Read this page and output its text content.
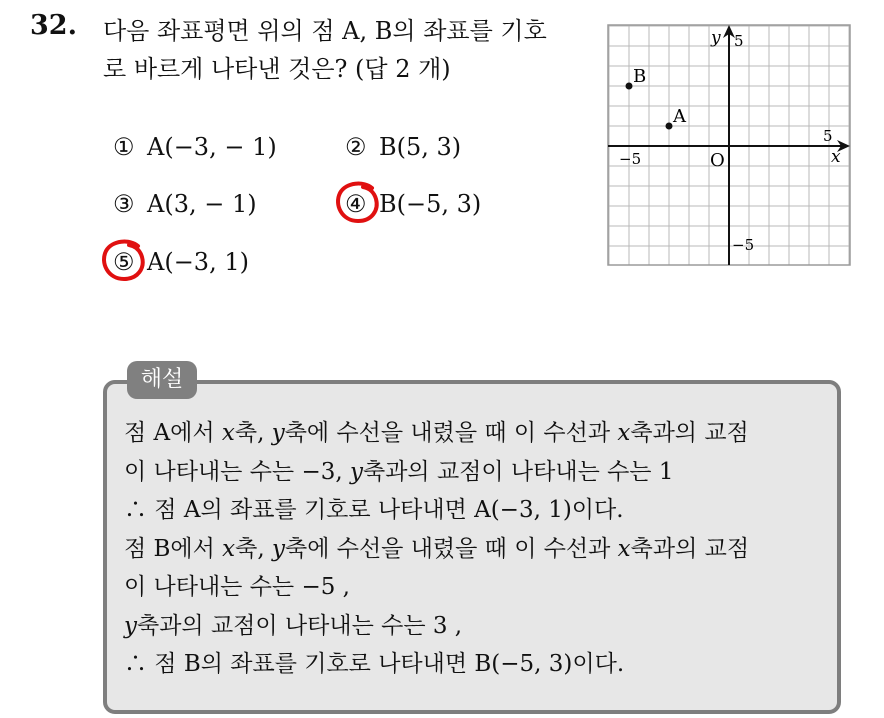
32. 다음 좌표평면 위의 점 A, B의 좌표를 기호
로 바르게 나타낸 것은? (답 2 개)
① A(−3, − 1)	② B(5, 3)
③ A(3, − 1)	④ B(−5, 3)
⑤ A(−3, 1)
x
y
O
5
−5
5
−5
A
B
해설
점 A에서 𝑥축, 𝑦축에 수선을 내렸을 때 이 수선과 𝑥축과의 교점
이 나타내는 수는 −3, 𝑦축과의 교점이 나타내는 수는 1
∴ 점 A의 좌표를 기호로 나타내면 A(−3, 1)이다.
점 B에서 𝑥축, 𝑦축에 수선을 내렸을 때 이 수선과 𝑥축과의 교점
이 나타내는 수는 −5 ,
𝑦축과의 교점이 나타내는 수는 3 ,
∴ 점 B의 좌표를 기호로 나타내면 B(−5, 3)이다.
